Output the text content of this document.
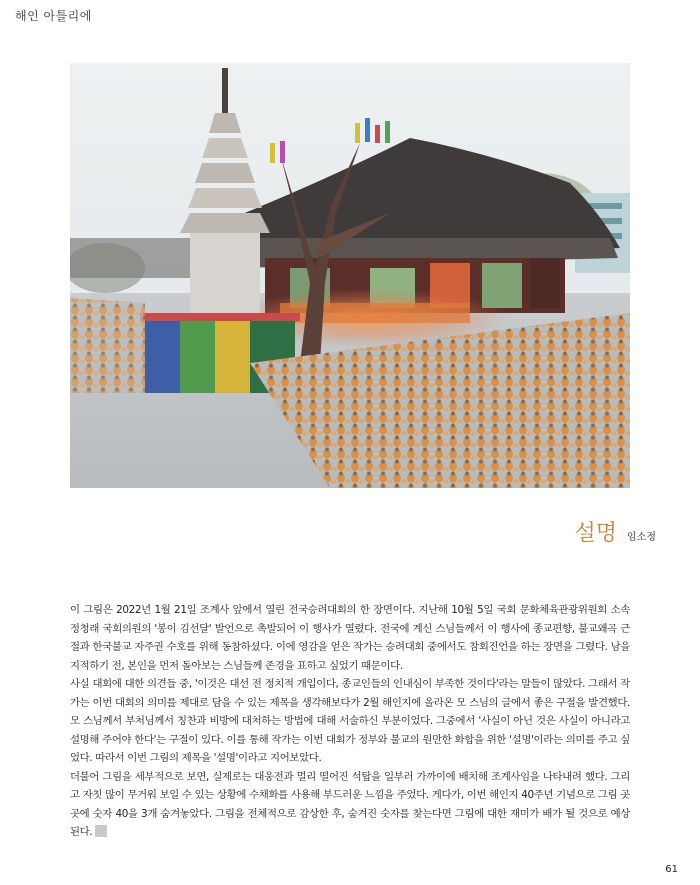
해인 아틀리에
설명 임소정

이 그림은 2022년 1월 21일 조계사 앞에서 열린 전국승려대회의 한 장면이다. 지난해 10월 5일 국회 문화체육관광위원회 소속 정청래 국회의원의 '봉이 김선달' 발언으로 촉발되어 이 행사가 열렸다. 전국에 계신 스님들께서 이 행사에 종교편향, 불교왜곡 근절과 한국불교 자주권 수호를 위해 동참하셨다. 이에 영감을 얻은 작가는 승려대회 중에서도 참회진언을 하는 장면을 그렸다. 남을 지적하기 전, 본인을 먼저 돌아보는 스님들께 존경을 표하고 싶었기 때문이다.

사실 대회에 대한 의견들 중, '이것은 대선 전 정치적 개입이다, 종교인들의 인내심이 부족한 것이다'라는 말들이 많았다. 그래서 작가는 이번 대회의 의미를 제대로 담을 수 있는 제목을 생각해보다가 2월 해인지에 올라온 모 스님의 글에서 좋은 구절을 발견했다. 모 스님께서 부처님께서 칭찬과 비방에 대처하는 방법에 대해 서술하신 부분이었다. 그중에서 '사실이 아닌 것은 사실이 아니라고 설명해 주어야 한다'는 구절이 있다. 이를 통해 작가는 이번 대회가 정부와 불교의 원만한 화합을 위한 '설명'이라는 의미를 주고 싶었다. 따라서 이번 그림의 제목을 '설명'이라고 지어보았다.

더불어 그림을 세부적으로 보면, 실제로는 대웅전과 멀리 떨어진 석탑을 일부러 가까이에 배치해 조계사임을 나타내려 했다. 그리고 자칫 많이 무거워 보일 수 있는 상황에 수채화를 사용해 부드러운 느낌을 주었다. 게다가, 이번 해인지 40주년 기념으로 그림 곳곳에 숫자 40을 3개 숨겨놓았다. 그림을 전체적으로 감상한 후, 숨겨진 숫자를 찾는다면 그림에 대한 재미가 배가 될 것으로 예상된다.

61
